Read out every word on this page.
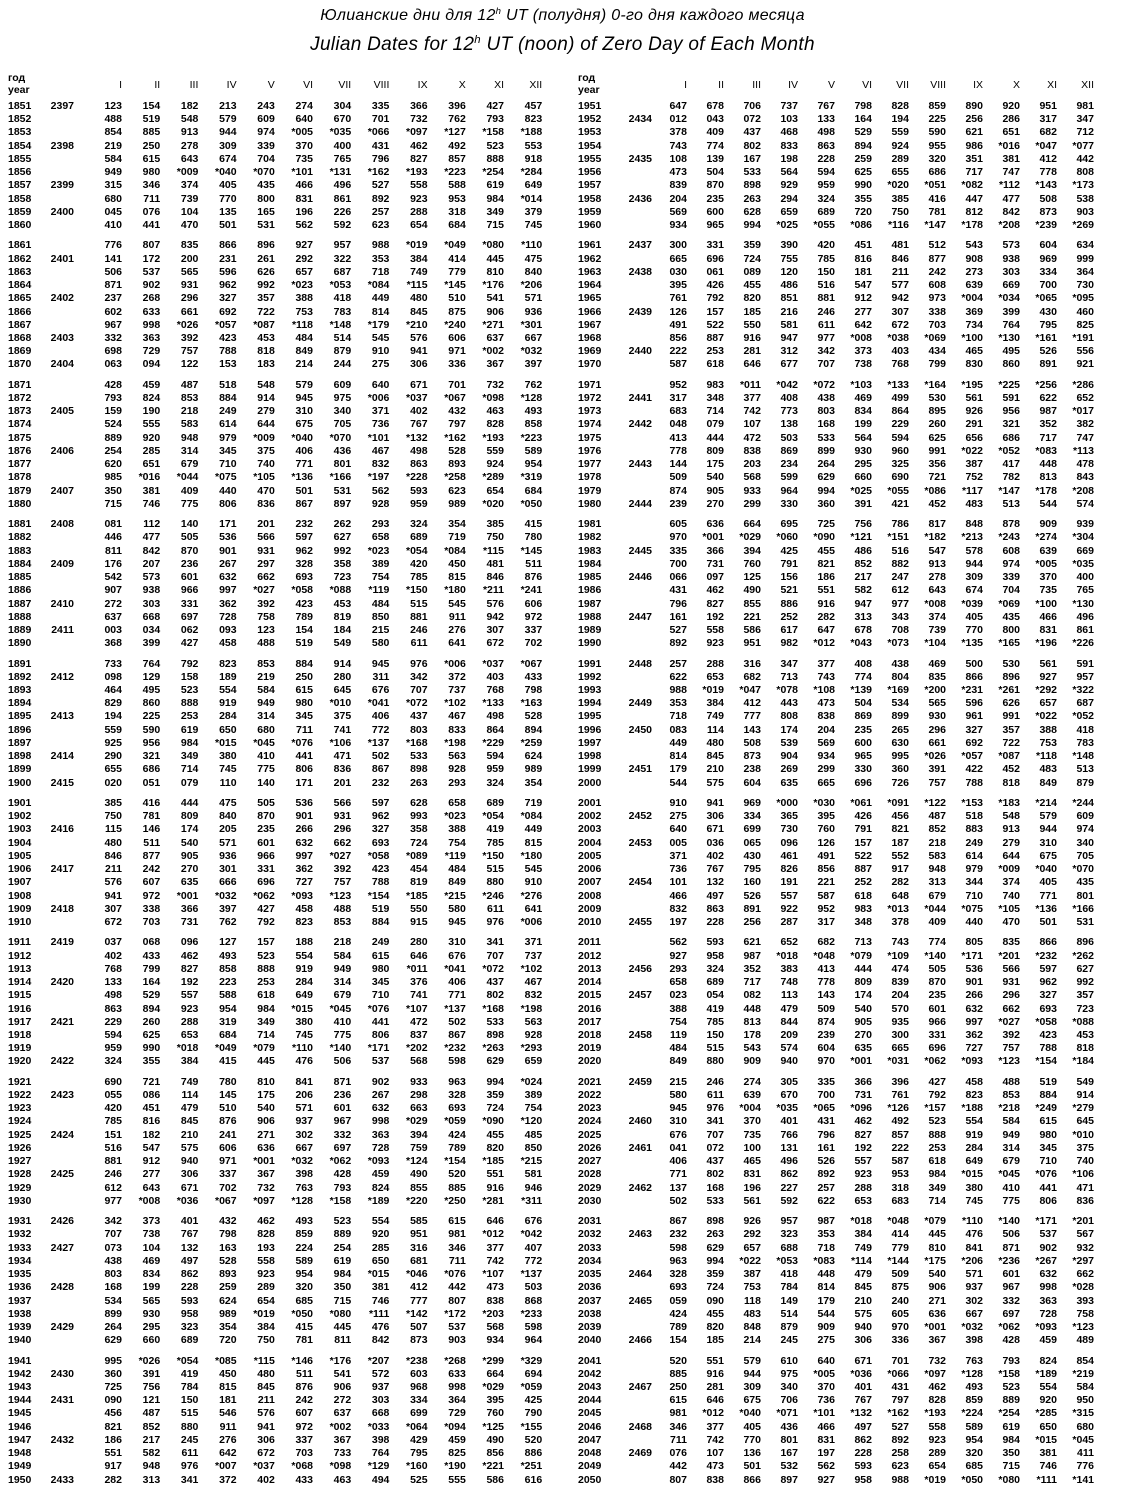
Юлианские дни для 12$^h$ UT (полудня) 0-го дня каждого месяца
Julian Dates for 12$^h$ UT (noon) of Zero Day of Each Month
год
year	I	II	III	IV	V	VI	VII	VIII	IX	X	XI	XII
1851	2397	123	154	182	213	243	274	304	335	366	396	427	457
1852	488	519	548	579	609	640	670	701	732	762	793	823
1853	854	885	913	944	974	*005	*035	*066	*097	*127	*158	*188
1854	2398	219	250	278	309	339	370	400	431	462	492	523	553
1855	584	615	643	674	704	735	765	796	827	857	888	918
1856	949	980	*009	*040	*070	*101	*131	*162	*193	*223	*254	*284
1857	2399	315	346	374	405	435	466	496	527	558	588	619	649
1858	680	711	739	770	800	831	861	892	923	953	984	*014
1859	2400	045	076	104	135	165	196	226	257	288	318	349	379
1860	410	441	470	501	531	562	592	623	654	684	715	745
1861	776	807	835	866	896	927	957	988	*019	*049	*080	*110
1862	2401	141	172	200	231	261	292	322	353	384	414	445	475
1863	506	537	565	596	626	657	687	718	749	779	810	840
1864	871	902	931	962	992	*023	*053	*084	*115	*145	*176	*206
1865	2402	237	268	296	327	357	388	418	449	480	510	541	571
1866	602	633	661	692	722	753	783	814	845	875	906	936
1867	967	998	*026	*057	*087	*118	*148	*179	*210	*240	*271	*301
1868	2403	332	363	392	423	453	484	514	545	576	606	637	667
1869	698	729	757	788	818	849	879	910	941	971	*002	*032
1870	2404	063	094	122	153	183	214	244	275	306	336	367	397
1871	428	459	487	518	548	579	609	640	671	701	732	762
1872	793	824	853	884	914	945	975	*006	*037	*067	*098	*128
1873	2405	159	190	218	249	279	310	340	371	402	432	463	493
1874	524	555	583	614	644	675	705	736	767	797	828	858
1875	889	920	948	979	*009	*040	*070	*101	*132	*162	*193	*223
1876	2406	254	285	314	345	375	406	436	467	498	528	559	589
1877	620	651	679	710	740	771	801	832	863	893	924	954
1878	985	*016	*044	*075	*105	*136	*166	*197	*228	*258	*289	*319
1879	2407	350	381	409	440	470	501	531	562	593	623	654	684
1880	715	746	775	806	836	867	897	928	959	989	*020	*050
1881	2408	081	112	140	171	201	232	262	293	324	354	385	415
1882	446	477	505	536	566	597	627	658	689	719	750	780
1883	811	842	870	901	931	962	992	*023	*054	*084	*115	*145
1884	2409	176	207	236	267	297	328	358	389	420	450	481	511
1885	542	573	601	632	662	693	723	754	785	815	846	876
1886	907	938	966	997	*027	*058	*088	*119	*150	*180	*211	*241
1887	2410	272	303	331	362	392	423	453	484	515	545	576	606
1888	637	668	697	728	758	789	819	850	881	911	942	972
1889	2411	003	034	062	093	123	154	184	215	246	276	307	337
1890	368	399	427	458	488	519	549	580	611	641	672	702
1891	733	764	792	823	853	884	914	945	976	*006	*037	*067
1892	2412	098	129	158	189	219	250	280	311	342	372	403	433
1893	464	495	523	554	584	615	645	676	707	737	768	798
1894	829	860	888	919	949	980	*010	*041	*072	*102	*133	*163
1895	2413	194	225	253	284	314	345	375	406	437	467	498	528
1896	559	590	619	650	680	711	741	772	803	833	864	894
1897	925	956	984	*015	*045	*076	*106	*137	*168	*198	*229	*259
1898	2414	290	321	349	380	410	441	471	502	533	563	594	624
1899	655	686	714	745	775	806	836	867	898	928	959	989
1900	2415	020	051	079	110	140	171	201	232	263	293	324	354
1901	385	416	444	475	505	536	566	597	628	658	689	719
1902	750	781	809	840	870	901	931	962	993	*023	*054	*084
1903	2416	115	146	174	205	235	266	296	327	358	388	419	449
1904	480	511	540	571	601	632	662	693	724	754	785	815
1905	846	877	905	936	966	997	*027	*058	*089	*119	*150	*180
1906	2417	211	242	270	301	331	362	392	423	454	484	515	545
1907	576	607	635	666	696	727	757	788	819	849	880	910
1908	941	972	*001	*032	*062	*093	*123	*154	*185	*215	*246	*276
1909	2418	307	338	366	397	427	458	488	519	550	580	611	641
1910	672	703	731	762	792	823	853	884	915	945	976	*006
1911	2419	037	068	096	127	157	188	218	249	280	310	341	371
1912	402	433	462	493	523	554	584	615	646	676	707	737
1913	768	799	827	858	888	919	949	980	*011	*041	*072	*102
1914	2420	133	164	192	223	253	284	314	345	376	406	437	467
1915	498	529	557	588	618	649	679	710	741	771	802	832
1916	863	894	923	954	984	*015	*045	*076	*107	*137	*168	*198
1917	2421	229	260	288	319	349	380	410	441	472	502	533	563
1918	594	625	653	684	714	745	775	806	837	867	898	928
1919	959	990	*018	*049	*079	*110	*140	*171	*202	*232	*263	*293
1920	2422	324	355	384	415	445	476	506	537	568	598	629	659
1921	690	721	749	780	810	841	871	902	933	963	994	*024
1922	2423	055	086	114	145	175	206	236	267	298	328	359	389
1923	420	451	479	510	540	571	601	632	663	693	724	754
1924	785	816	845	876	906	937	967	998	*029	*059	*090	*120
1925	2424	151	182	210	241	271	302	332	363	394	424	455	485
1926	516	547	575	606	636	667	697	728	759	789	820	850
1927	881	912	940	971	*001	*032	*062	*093	*124	*154	*185	*215
1928	2425	246	277	306	337	367	398	428	459	490	520	551	581
1929	612	643	671	702	732	763	793	824	855	885	916	946
1930	977	*008	*036	*067	*097	*128	*158	*189	*220	*250	*281	*311
1931	2426	342	373	401	432	462	493	523	554	585	615	646	676
1932	707	738	767	798	828	859	889	920	951	981	*012	*042
1933	2427	073	104	132	163	193	224	254	285	316	346	377	407
1934	438	469	497	528	558	589	619	650	681	711	742	772
1935	803	834	862	893	923	954	984	*015	*046	*076	*107	*137
1936	2428	168	199	228	259	289	320	350	381	412	442	473	503
1937	534	565	593	624	654	685	715	746	777	807	838	868
1938	899	930	958	989	*019	*050	*080	*111	*142	*172	*203	*233
1939	2429	264	295	323	354	384	415	445	476	507	537	568	598
1940	629	660	689	720	750	781	811	842	873	903	934	964
1941	995	*026	*054	*085	*115	*146	*176	*207	*238	*268	*299	*329
1942	2430	360	391	419	450	480	511	541	572	603	633	664	694
1943	725	756	784	815	845	876	906	937	968	998	*029	*059
1944	2431	090	121	150	181	211	242	272	303	334	364	395	425
1945	456	487	515	546	576	607	637	668	699	729	760	790
1946	821	852	880	911	941	972	*002	*033	*064	*094	*125	*155
1947	2432	186	217	245	276	306	337	367	398	429	459	490	520
1948	551	582	611	642	672	703	733	764	795	825	856	886
1949	917	948	976	*007	*037	*068	*098	*129	*160	*190	*221	*251
1950	2433	282	313	341	372	402	433	463	494	525	555	586	616
год
year	I	II	III	IV	V	VI	VII	VIII	IX	X	XI	XII
1951	647	678	706	737	767	798	828	859	890	920	951	981
1952	2434	012	043	072	103	133	164	194	225	256	286	317	347
1953	378	409	437	468	498	529	559	590	621	651	682	712
1954	743	774	802	833	863	894	924	955	986	*016	*047	*077
1955	2435	108	139	167	198	228	259	289	320	351	381	412	442
1956	473	504	533	564	594	625	655	686	717	747	778	808
1957	839	870	898	929	959	990	*020	*051	*082	*112	*143	*173
1958	2436	204	235	263	294	324	355	385	416	447	477	508	538
1959	569	600	628	659	689	720	750	781	812	842	873	903
1960	934	965	994	*025	*055	*086	*116	*147	*178	*208	*239	*269
1961	2437	300	331	359	390	420	451	481	512	543	573	604	634
1962	665	696	724	755	785	816	846	877	908	938	969	999
1963	2438	030	061	089	120	150	181	211	242	273	303	334	364
1964	395	426	455	486	516	547	577	608	639	669	700	730
1965	761	792	820	851	881	912	942	973	*004	*034	*065	*095
1966	2439	126	157	185	216	246	277	307	338	369	399	430	460
1967	491	522	550	581	611	642	672	703	734	764	795	825
1968	856	887	916	947	977	*008	*038	*069	*100	*130	*161	*191
1969	2440	222	253	281	312	342	373	403	434	465	495	526	556
1970	587	618	646	677	707	738	768	799	830	860	891	921
1971	952	983	*011	*042	*072	*103	*133	*164	*195	*225	*256	*286
1972	2441	317	348	377	408	438	469	499	530	561	591	622	652
1973	683	714	742	773	803	834	864	895	926	956	987	*017
1974	2442	048	079	107	138	168	199	229	260	291	321	352	382
1975	413	444	472	503	533	564	594	625	656	686	717	747
1976	778	809	838	869	899	930	960	991	*022	*052	*083	*113
1977	2443	144	175	203	234	264	295	325	356	387	417	448	478
1978	509	540	568	599	629	660	690	721	752	782	813	843
1979	874	905	933	964	994	*025	*055	*086	*117	*147	*178	*208
1980	2444	239	270	299	330	360	391	421	452	483	513	544	574
1981	605	636	664	695	725	756	786	817	848	878	909	939
1982	970	*001	*029	*060	*090	*121	*151	*182	*213	*243	*274	*304
1983	2445	335	366	394	425	455	486	516	547	578	608	639	669
1984	700	731	760	791	821	852	882	913	944	974	*005	*035
1985	2446	066	097	125	156	186	217	247	278	309	339	370	400
1986	431	462	490	521	551	582	612	643	674	704	735	765
1987	796	827	855	886	916	947	977	*008	*039	*069	*100	*130
1988	2447	161	192	221	252	282	313	343	374	405	435	466	496
1989	527	558	586	617	647	678	708	739	770	800	831	861
1990	892	923	951	982	*012	*043	*073	*104	*135	*165	*196	*226
1991	2448	257	288	316	347	377	408	438	469	500	530	561	591
1992	622	653	682	713	743	774	804	835	866	896	927	957
1993	988	*019	*047	*078	*108	*139	*169	*200	*231	*261	*292	*322
1994	2449	353	384	412	443	473	504	534	565	596	626	657	687
1995	718	749	777	808	838	869	899	930	961	991	*022	*052
1996	2450	083	114	143	174	204	235	265	296	327	357	388	418
1997	449	480	508	539	569	600	630	661	692	722	753	783
1998	814	845	873	904	934	965	995	*026	*057	*087	*118	*148
1999	2451	179	210	238	269	299	330	360	391	422	452	483	513
2000	544	575	604	635	665	696	726	757	788	818	849	879
2001	910	941	969	*000	*030	*061	*091	*122	*153	*183	*214	*244
2002	2452	275	306	334	365	395	426	456	487	518	548	579	609
2003	640	671	699	730	760	791	821	852	883	913	944	974
2004	2453	005	036	065	096	126	157	187	218	249	279	310	340
2005	371	402	430	461	491	522	552	583	614	644	675	705
2006	736	767	795	826	856	887	917	948	979	*009	*040	*070
2007	2454	101	132	160	191	221	252	282	313	344	374	405	435
2008	466	497	526	557	587	618	648	679	710	740	771	801
2009	832	863	891	922	952	983	*013	*044	*075	*105	*136	*166
2010	2455	197	228	256	287	317	348	378	409	440	470	501	531
2011	562	593	621	652	682	713	743	774	805	835	866	896
2012	927	958	987	*018	*048	*079	*109	*140	*171	*201	*232	*262
2013	2456	293	324	352	383	413	444	474	505	536	566	597	627
2014	658	689	717	748	778	809	839	870	901	931	962	992
2015	2457	023	054	082	113	143	174	204	235	266	296	327	357
2016	388	419	448	479	509	540	570	601	632	662	693	723
2017	754	785	813	844	874	905	935	966	997	*027	*058	*088
2018	2458	119	150	178	209	239	270	300	331	362	392	423	453
2019	484	515	543	574	604	635	665	696	727	757	788	818
2020	849	880	909	940	970	*001	*031	*062	*093	*123	*154	*184
2021	2459	215	246	274	305	335	366	396	427	458	488	519	549
2022	580	611	639	670	700	731	761	792	823	853	884	914
2023	945	976	*004	*035	*065	*096	*126	*157	*188	*218	*249	*279
2024	2460	310	341	370	401	431	462	492	523	554	584	615	645
2025	676	707	735	766	796	827	857	888	919	949	980	*010
2026	2461	041	072	100	131	161	192	222	253	284	314	345	375
2027	406	437	465	496	526	557	587	618	649	679	710	740
2028	771	802	831	862	892	923	953	984	*015	*045	*076	*106
2029	2462	137	168	196	227	257	288	318	349	380	410	441	471
2030	502	533	561	592	622	653	683	714	745	775	806	836
2031	867	898	926	957	987	*018	*048	*079	*110	*140	*171	*201
2032	2463	232	263	292	323	353	384	414	445	476	506	537	567
2033	598	629	657	688	718	749	779	810	841	871	902	932
2034	963	994	*022	*053	*083	*114	*144	*175	*206	*236	*267	*297
2035	2464	328	359	387	418	448	479	509	540	571	601	632	662
2036	693	724	753	784	814	845	875	906	937	967	998	*028
2037	2465	059	090	118	149	179	210	240	271	302	332	363	393
2038	424	455	483	514	544	575	605	636	667	697	728	758
2039	789	820	848	879	909	940	970	*001	*032	*062	*093	*123
2040	2466	154	185	214	245	275	306	336	367	398	428	459	489
2041	520	551	579	610	640	671	701	732	763	793	824	854
2042	885	916	944	975	*005	*036	*066	*097	*128	*158	*189	*219
2043	2467	250	281	309	340	370	401	431	462	493	523	554	584
2044	615	646	675	706	736	767	797	828	859	889	920	950
2045	981	*012	*040	*071	*101	*132	*162	*193	*224	*254	*285	*315
2046	2468	346	377	405	436	466	497	527	558	589	619	650	680
2047	711	742	770	801	831	862	892	923	954	984	*015	*045
2048	2469	076	107	136	167	197	228	258	289	320	350	381	411
2049	442	473	501	532	562	593	623	654	685	715	746	776
2050	807	838	866	897	927	958	988	*019	*050	*080	*111	*141
